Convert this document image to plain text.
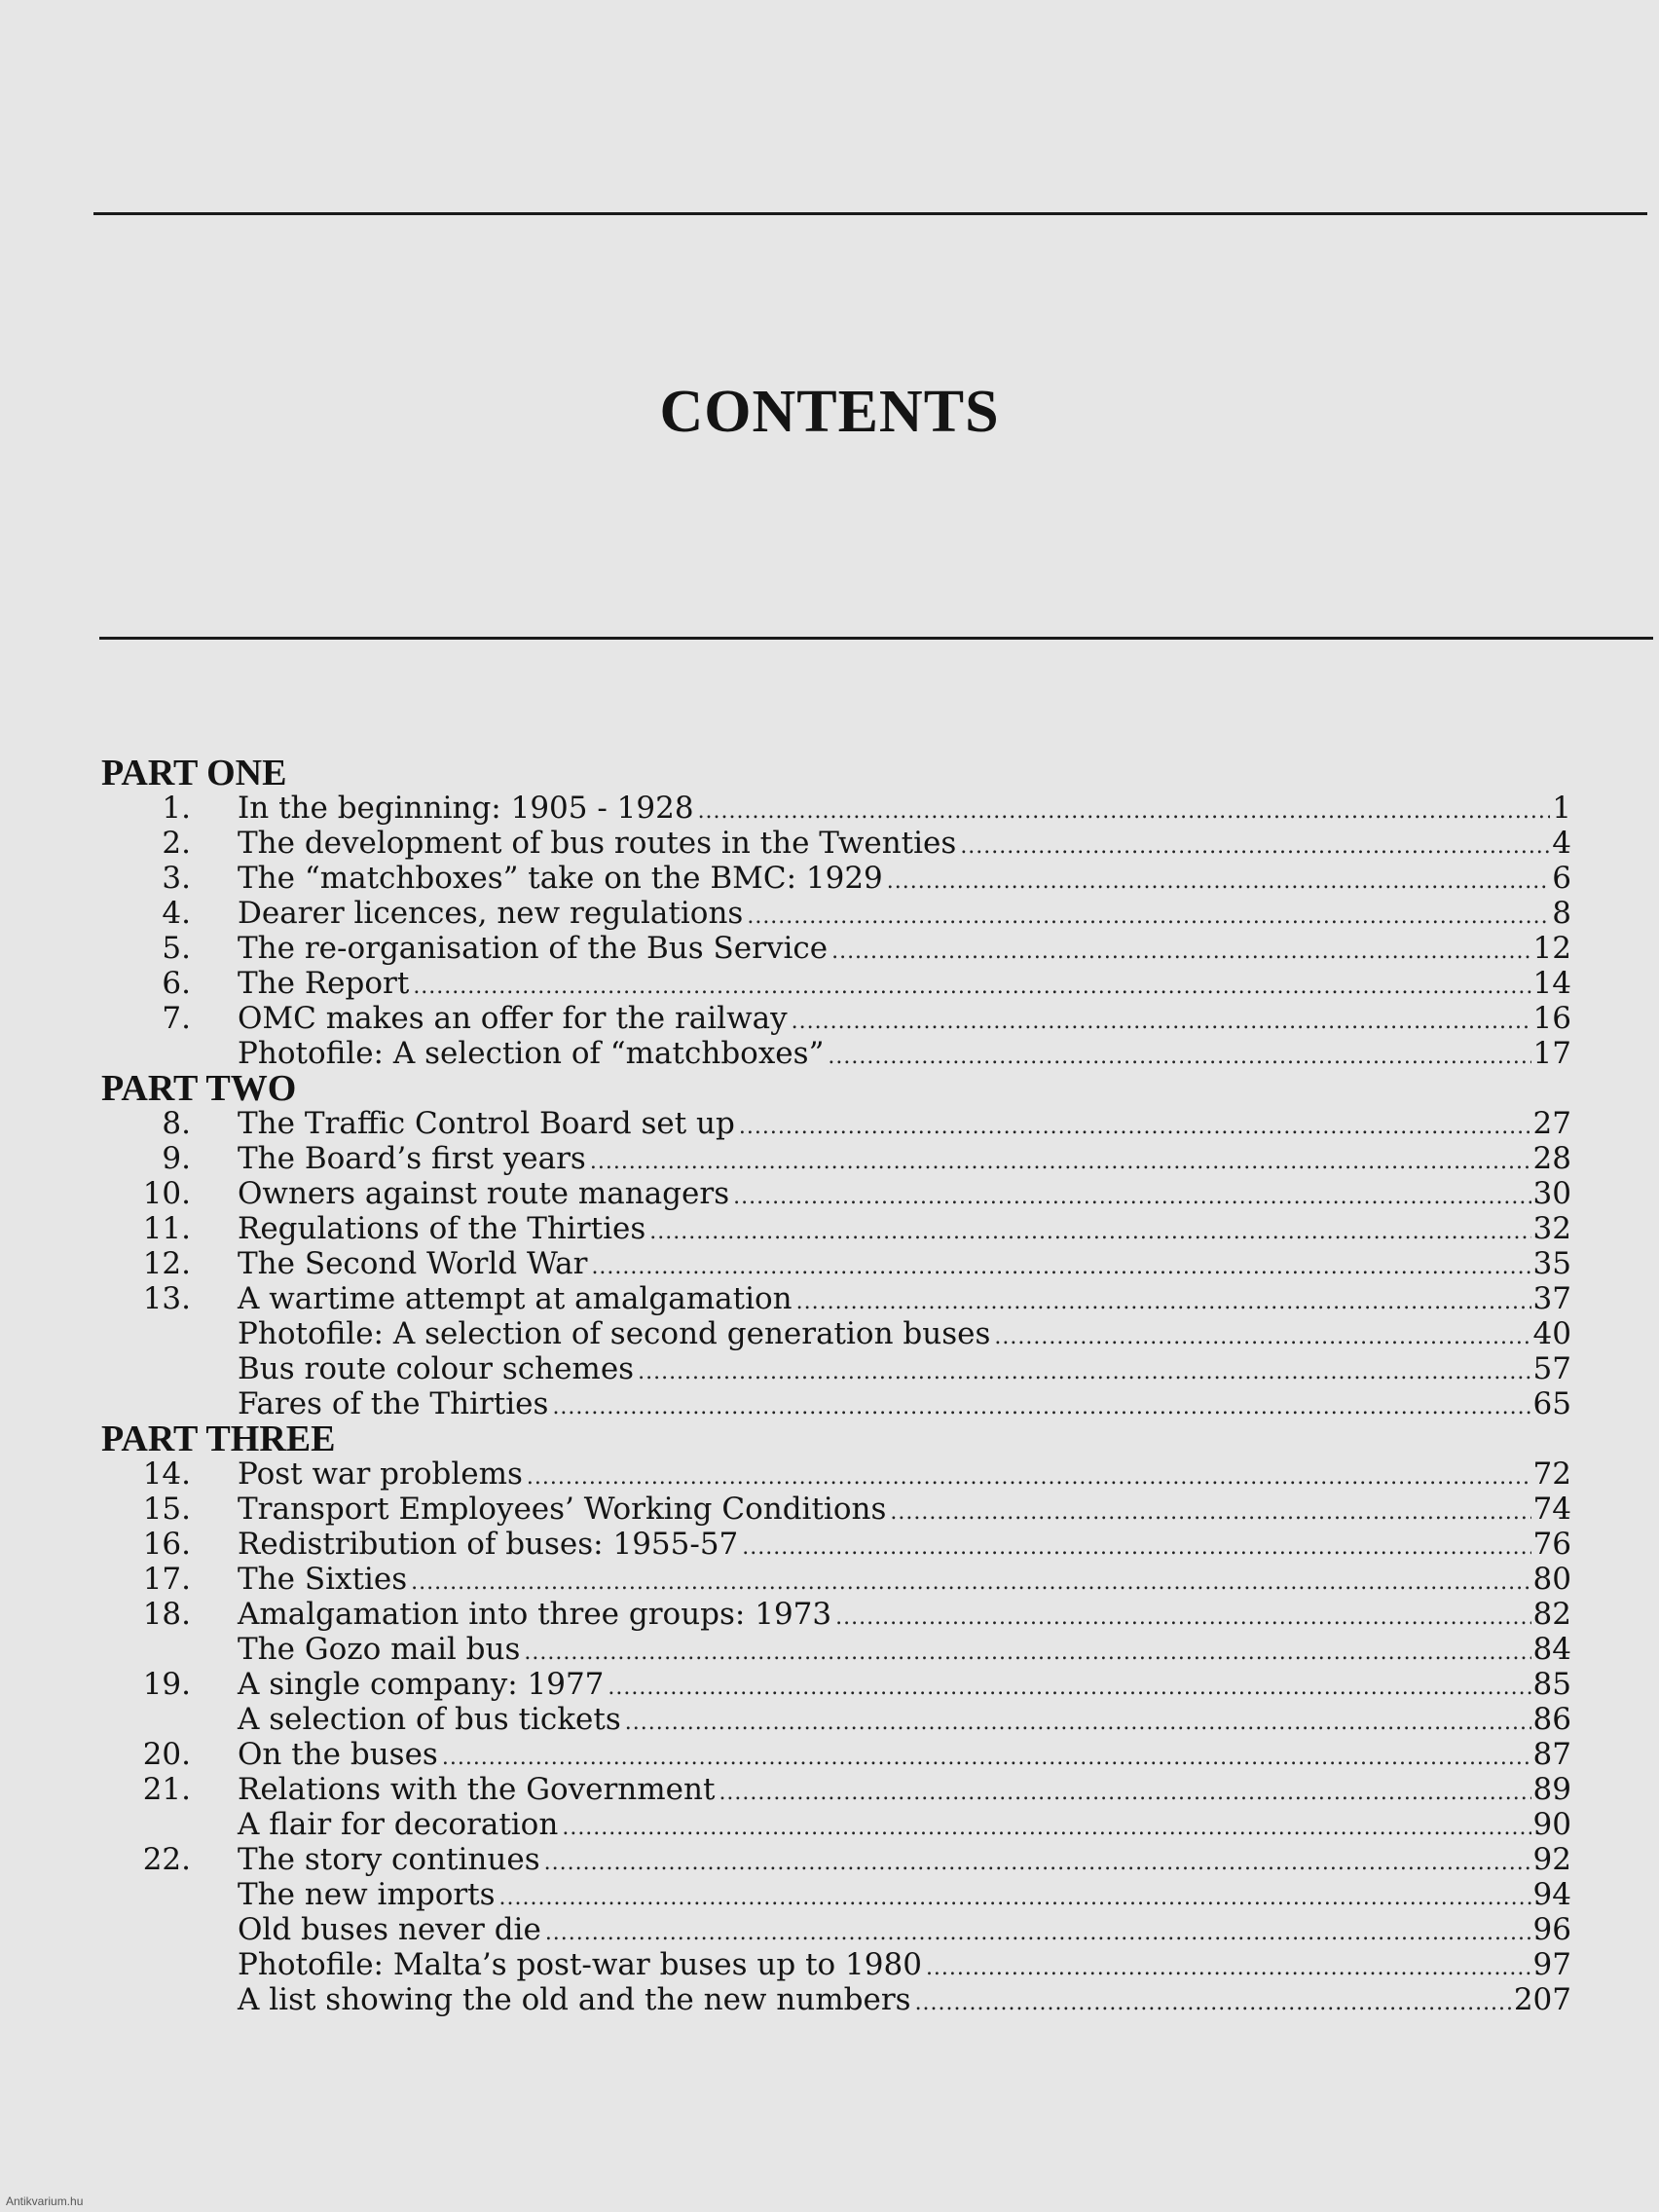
CONTENTS
PART ONE
1.	In the beginning: 1905 - 1928 .....	1
2.	The development of bus routes in the Twenties .....	4
3.	The “matchboxes” take on the BMC: 1929 .....	6
4.	Dearer licences, new regulations .....	8
5.	The re-organisation of the Bus Service .....	12
6.	The Report .....	14
7.	OMC makes an offer for the railway .....	16
Photofile: A selection of “matchboxes” .....	17
PART TWO
8.	The Traffic Control Board set up .....	27
9.	The Board’s first years .....	28
10.	Owners against route managers .....	30
11.	Regulations of the Thirties .....	32
12.	The Second World War .....	35
13.	A wartime attempt at amalgamation .....	37
Photofile: A selection of second generation buses .....	40
Bus route colour schemes .....	57
Fares of the Thirties .....	65
PART THREE
14.	Post war problems .....	72
15.	Transport Employees’ Working Conditions .....	74
16.	Redistribution of buses: 1955-57 .....	76
17.	The Sixties .....	80
18.	Amalgamation into three groups: 1973 .....	82
The Gozo mail bus .....	84
19.	A single company: 1977 .....	85
A selection of bus tickets .....	86
20.	On the buses .....	87
21.	Relations with the Government .....	89
A flair for decoration .....	90
22.	The story continues .....	92
The new imports .....	94
Old buses never die .....	96
Photofile: Malta’s post-war buses up to 1980 .....	97
A list showing the old and the new numbers .....	207
Antikvarium.hu
